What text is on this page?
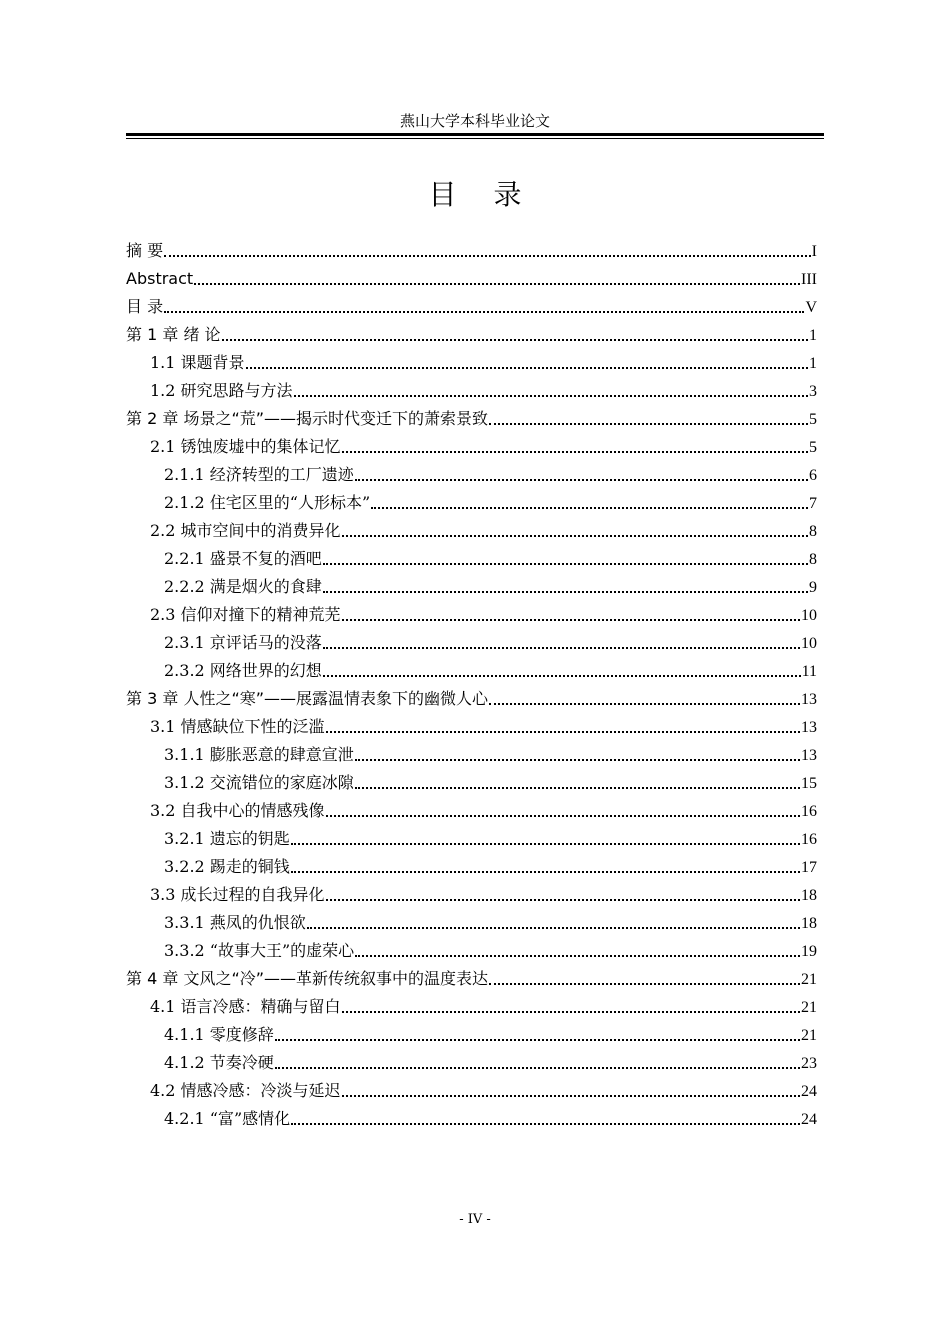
燕山大学本科毕业论文
目 录
摘 要	I
Abstract	III
目 录	V
第 1 章 绪 论	1
1.1 课题背景	1
1.2 研究思路与方法	3
第 2 章 场景之“荒”——揭示时代变迁下的萧索景致	5
2.1 锈蚀废墟中的集体记忆	5
2.1.1 经济转型的工厂遗迹	6
2.1.2 住宅区里的“人形标本”	7
2.2 城市空间中的消费异化	8
2.2.1 盛景不复的酒吧	8
2.2.2 满是烟火的食肆	9
2.3 信仰对撞下的精神荒芜	10
2.3.1 京评话马的没落	10
2.3.2 网络世界的幻想	11
第 3 章 人性之“寒”——展露温情表象下的幽微人心	13
3.1 情感缺位下性的泛滥	13
3.1.1 膨胀恶意的肆意宣泄	13
3.1.2 交流错位的家庭冰隙	15
3.2 自我中心的情感残像	16
3.2.1 遗忘的钥匙	16
3.2.2 踢走的铜钱	17
3.3 成长过程的自我异化	18
3.3.1 燕凤的仇恨欲	18
3.3.2 “故事大王”的虚荣心	19
第 4 章 文风之“冷”——革新传统叙事中的温度表达	21
4.1 语言冷感：精确与留白	21
4.1.1 零度修辞	21
4.1.2 节奏冷硬	23
4.2 情感冷感：冷淡与延迟	24
4.2.1 “富”感情化	24
- IV -
